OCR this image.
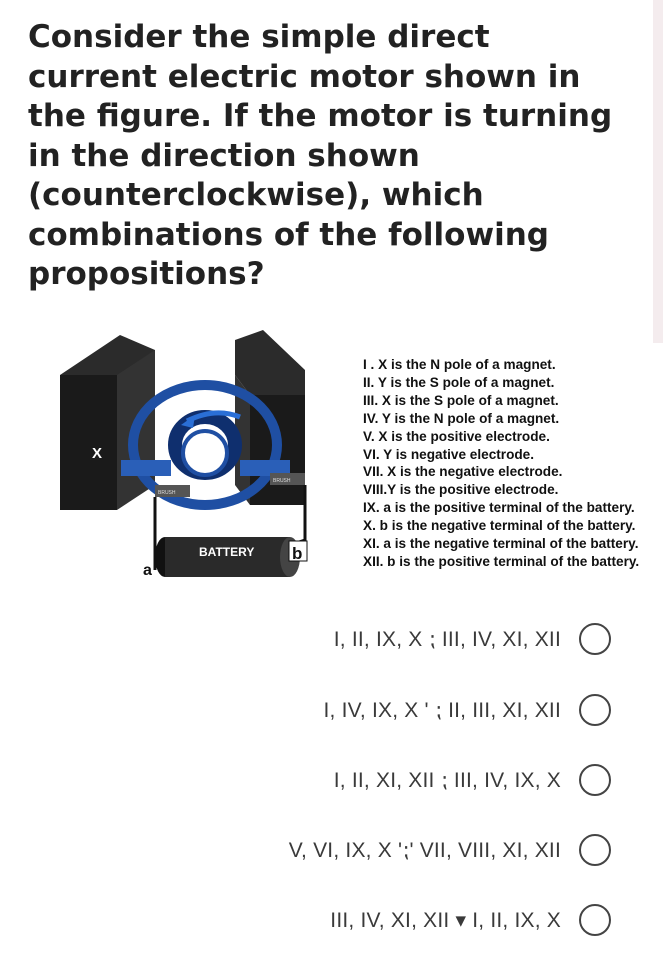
Consider the simple direct current electric motor shown in the figure. If the motor is turning in the direction shown (counterclockwise), which combinations of the following propositions?

BRUSH
BRUSH
BATTERY
X
Y
b
a
I . X is the N pole of a magnet.
II. Y is the S pole of a magnet.
III. X is the S pole of a magnet.
IV. Y is the N pole of a magnet.
V. X is the positive electrode.
VI. Y is negative electrode.
VII. X is the negative electrode.
VIII.Y is the positive electrode.
IX. a is the positive terminal of the battery.
X. b is the negative terminal of the battery.
XI. a is the negative terminal of the battery.
XII. b is the positive terminal of the battery.
I, II, IX, X ⁏ III, IV, XI, XII
I, IV, IX, X ' ⁏ II, III, XI, XII
I, II, XI, XII ⁏ III, IV, IX, X
V, VI, IX, X '⁏' VII, VIII, XI, XII
III, IV, XI, XII ▾ I, II, IX, X
